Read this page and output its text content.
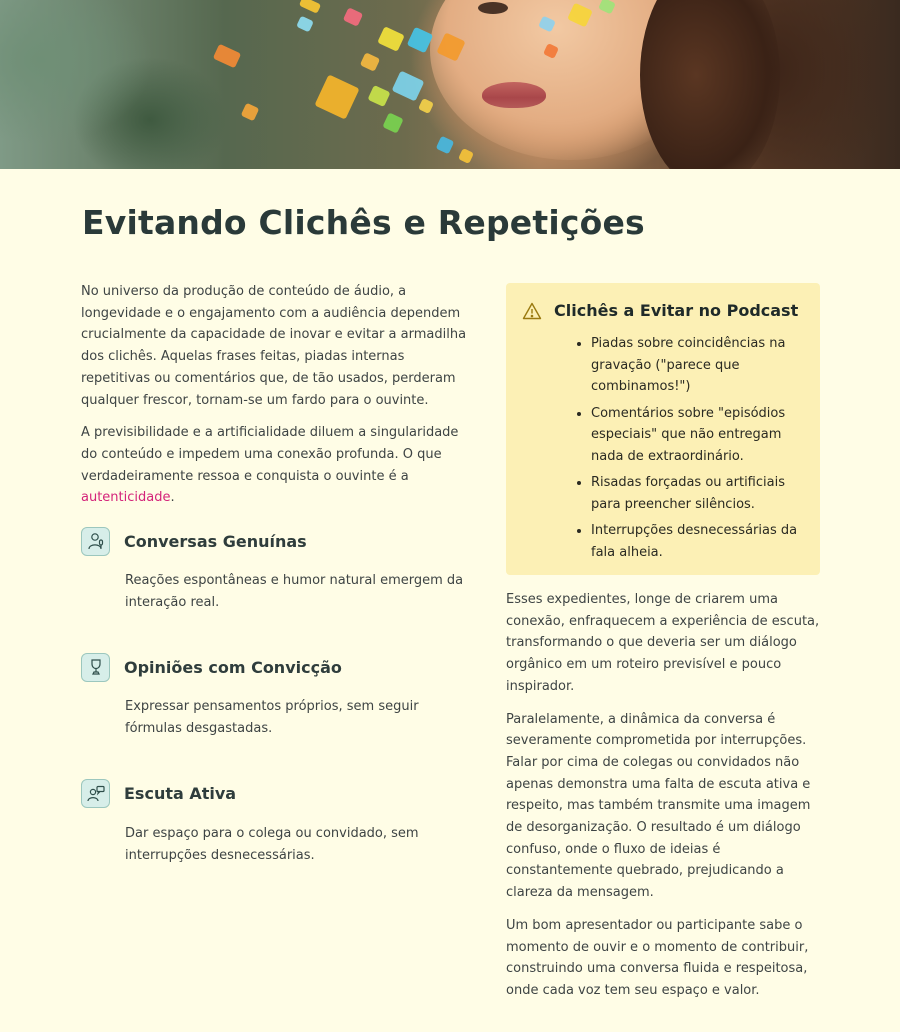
Evitando Clichês e Repetições

No universo da produção de conteúdo de áudio, a longevidade e o engajamento com a audiência dependem crucialmente da capacidade de inovar e evitar a armadilha dos clichês. Aquelas frases feitas, piadas internas repetitivas ou comentários que, de tão usados, perderam qualquer frescor, tornam-se um fardo para o ouvinte.

A previsibilidade e a artificialidade diluem a singularidade do conteúdo e impedem uma conexão profunda. O que verdadeiramente ressoa e conquista o ouvinte é a autenticidade.

Conversas Genuínas

Reações espontâneas e humor natural emergem da interação real.

Opiniões com Convicção

Expressar pensamentos próprios, sem seguir fórmulas desgastadas.

Escuta Ativa

Dar espaço para o colega ou convidado, sem interrupções desnecessárias.

Clichês a Evitar no Podcast
• Piadas sobre coincidências na gravação ("parece que combinamos!")
• Comentários sobre "episódios especiais" que não entregam nada de extraordinário.
• Risadas forçadas ou artificiais para preencher silêncios.
• Interrupções desnecessárias da fala alheia.

Esses expedientes, longe de criarem uma conexão, enfraquecem a experiência de escuta, transformando o que deveria ser um diálogo orgânico em um roteiro previsível e pouco inspirador.

Paralelamente, a dinâmica da conversa é severamente comprometida por interrupções. Falar por cima de colegas ou convidados não apenas demonstra uma falta de escuta ativa e respeito, mas também transmite uma imagem de desorganização. O resultado é um diálogo confuso, onde o fluxo de ideias é constantemente quebrado, prejudicando a clareza da mensagem.

Um bom apresentador ou participante sabe o momento de ouvir e o momento de contribuir, construindo uma conversa fluida e respeitosa, onde cada voz tem seu espaço e valor.
